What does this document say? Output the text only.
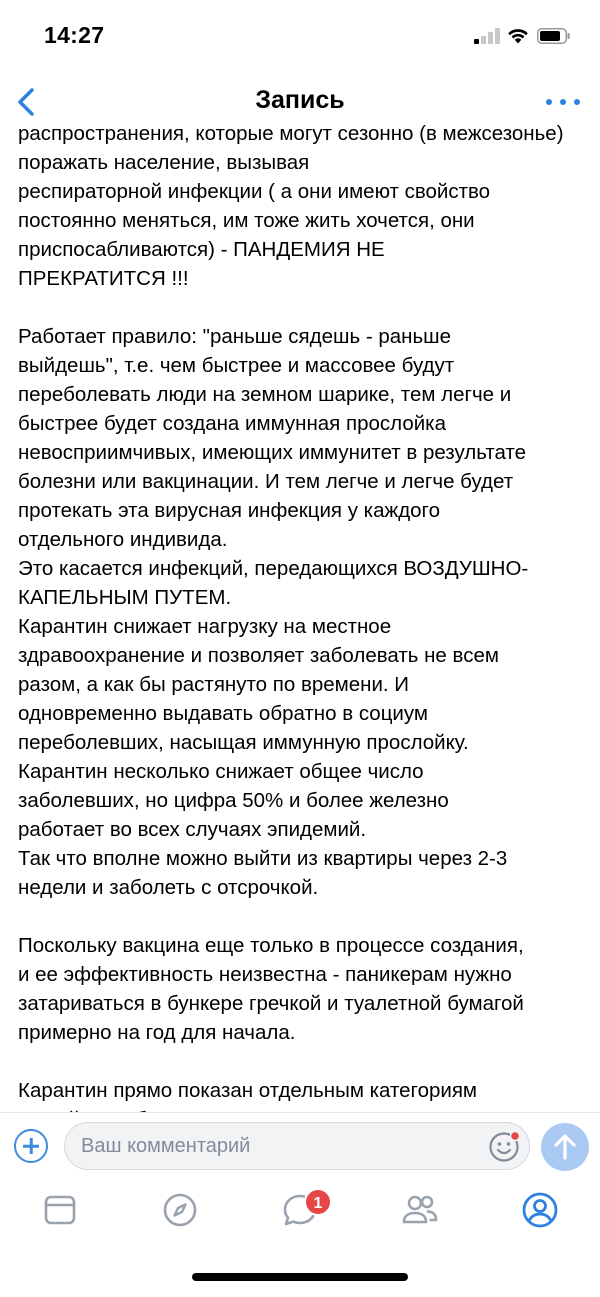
14:27
Запись
распространения, которые могут сезонно (в межсезонье) поражать население, вызывая
респираторной инфекции ( а они имеют свойство
постоянно меняться, им тоже жить хочется, они
приспосабливаются) - ПАНДЕМИЯ НЕ
ПРЕКРАТИТСЯ !!!

Работает правило: "раньше сядешь - раньше
выйдешь", т.е. чем быстрее и массовее будут
переболевать люди на земном шарике, тем легче и
быстрее будет создана иммунная прослойка
невосприимчивых, имеющих иммунитет в результате
болезни или вакцинации. И тем легче и легче будет
протекать эта вирусная инфекция у каждого
отдельного индивида.
Это касается инфекций, передающихся ВОЗДУШНО-
КАПЕЛЬНЫМ ПУТЕМ.
Карантин снижает нагрузку на местное
здравоохранение и позволяет заболевать не всем
разом, а как бы растянуто по времени. И
одновременно выдавать обратно в социум
переболевших, насыщая иммунную прослойку.
Карантин несколько снижает общее число
заболевших, но цифра 50% и более железно
работает во всех случаях эпидемий.
Так что вполне можно выйти из квартиры через 2-3
недели и заболеть с отсрочкой.

Поскольку вакцина еще только в процессе создания,
и ее эффективность неизвестна - паникерам нужно
затариваться в бункере гречкой и туалетной бумагой
примерно на год для начала.

Карантин прямо показан отдельным категориям

Ваш комментарий
1
